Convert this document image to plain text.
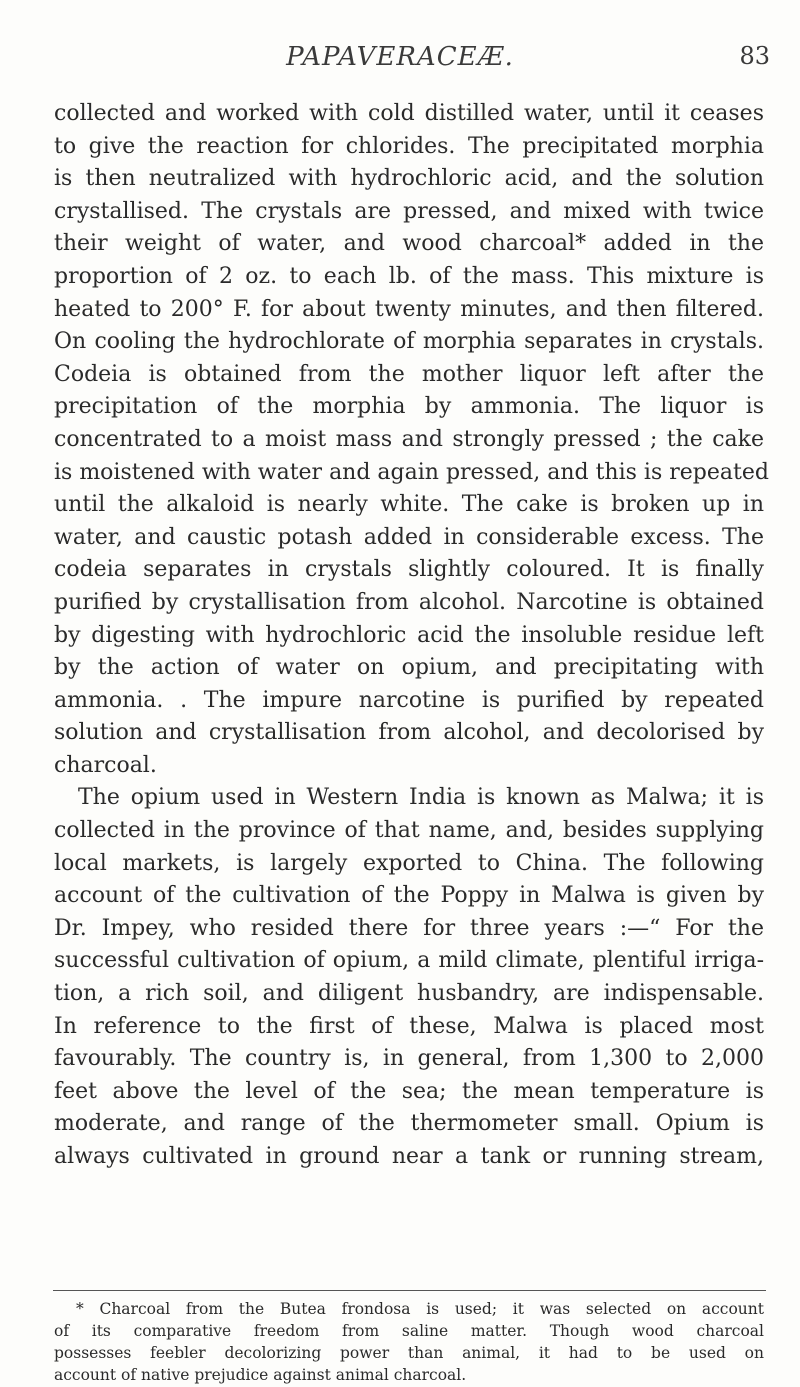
PAPAVERACEÆ.	83
collected and worked with cold distilled water, until it ceases
to give the reaction for chlorides. The precipitated morphia
is then neutralized with hydrochloric acid, and the solution
crystallised. The crystals are pressed, and mixed with twice
their weight of water, and wood charcoal* added in the
proportion of 2 oz. to each lb. of the mass. This mixture is
heated to 200° F. for about twenty minutes, and then filtered.
On cooling the hydrochlorate of morphia separates in crystals.
Codeia is obtained from the mother liquor left after the
precipitation of the morphia by ammonia. The liquor is
concentrated to a moist mass and strongly pressed ; the cake
is moistened with water and again pressed, and this is repeated
until the alkaloid is nearly white. The cake is broken up in
water, and caustic potash added in considerable excess. The
codeia separates in crystals slightly coloured. It is finally
purified by crystallisation from alcohol. Narcotine is obtained
by digesting with hydrochloric acid the insoluble residue left
by the action of water on opium, and precipitating with
ammonia. . The impure narcotine is purified by repeated
solution and crystallisation from alcohol, and decolorised by
charcoal.
The opium used in Western India is known as Malwa; it is
collected in the province of that name, and, besides supplying
local markets, is largely exported to China. The following
account of the cultivation of the Poppy in Malwa is given by
Dr. Impey, who resided there for three years :—“ For the
successful cultivation of opium, a mild climate, plentiful irriga-
tion, a rich soil, and diligent husbandry, are indispensable.
In reference to the first of these, Malwa is placed most
favourably. The country is, in general, from 1,300 to 2,000
feet above the level of the sea; the mean temperature is
moderate, and range of the thermometer small. Opium is
always cultivated in ground near a tank or running stream,
* Charcoal from the Butea frondosa is used; it was selected on account
of its comparative freedom from saline matter. Though wood charcoal
possesses feebler decolorizing power than animal, it had to be used on
account of native prejudice against animal charcoal.
